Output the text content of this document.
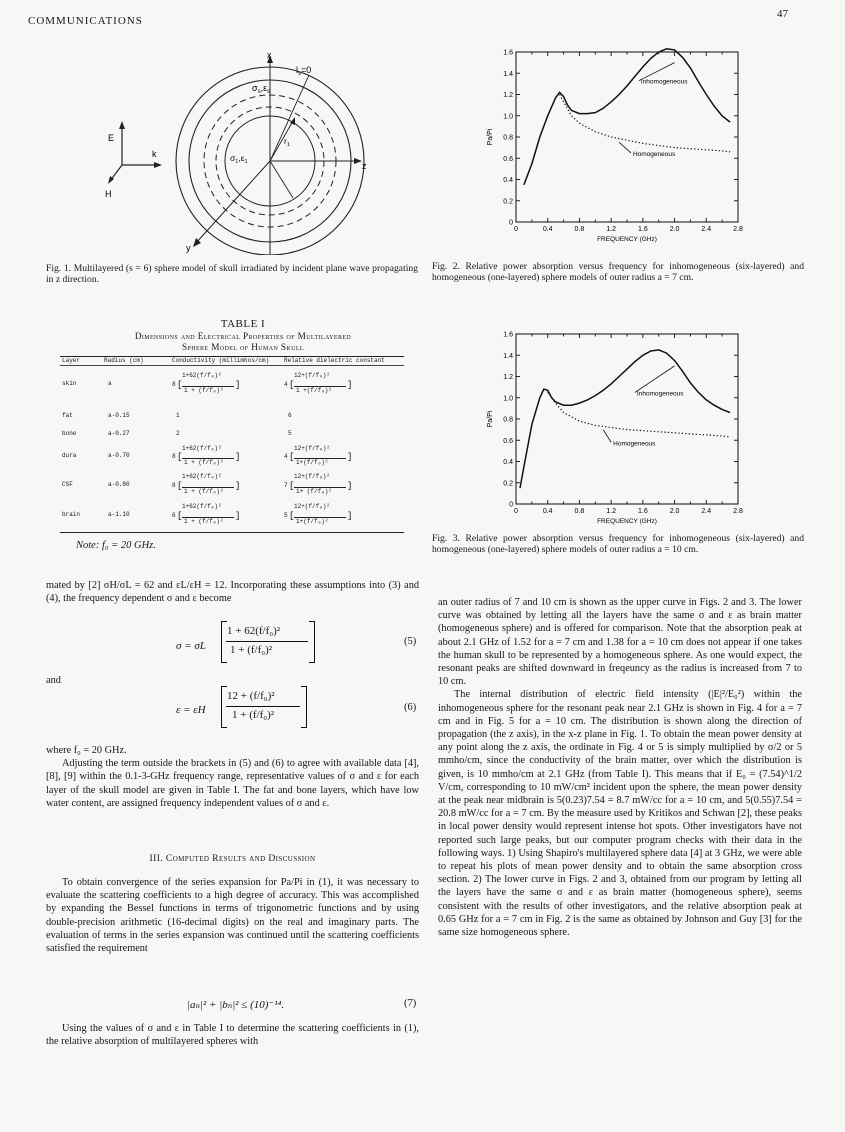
COMMUNICATIONS
47
x
z
y
E
k
H
$l_s=0$
$\sigma_s,\varepsilon_s$
$\sigma_1,\varepsilon_1$
$r_1$
Fig. 1. Multilayered (s = 6) sphere model of skull irradiated by incident plane wave propagating in z direction.
0	0.4	0.8	1.2	1.6	2.0	2.4	2.8
0
0.2
0.4
0.6
0.8
1.0
1.2
1.4
1.6
FREQUENCY (GHz)
Pa/Pi
Inhomogeneous
Homogeneous
Fig. 2. Relative power absorption versus frequency for inhomogeneous (six-layered) and homogeneous (one-layered) sphere models of outer radius a = 7 cm.
TABLE I
Dimensions and Electrical Properties of Multilayered
Sphere Model of Human Skull
Layer	Radius (cm)	Conductivity (millimhos/cm) Relative dielectric constant
skin	a	8 [
1+62(f/f₀)²
1 + (f/f₀)²
]	4 [
12+(f/f₀)²
1 +(f/f₀)²
]
fat	a-0.15	1	6
bone	a-0.27	2	5
dura	a-0.70	8 [
1+62(f/f₀)²
1 + (f/f₀)²
]	4 [
12+(f/f₀)²
1+(f/f₀)²
]
CSF	a-0.80	8 [
1+62(f/f₀)²
1 + (f/f₀)²
]	7 [
12+(f/f₀)²
1+ (f/f₀)²
]
brain	a-1.10	6 [
1+62(f/f₀)²
1 + (f/f₀)²
]	5 [
12+(f/f₀)²
1+(f/f₀)²
]
Note: f₀ = 20 GHz.
0	0.4	0.8	1.2	1.6	2.0	2.4	2.8
0
0.2
0.4
0.6
0.8
1.0
1.2
1.4
1.6
FREQUENCY (GHz)
Pa/Pi
Inhomogeneous
Homogeneous
Fig. 3. Relative power absorption versus frequency for inhomogeneous (six-layered) and homogeneous (one-layered) sphere models of outer radius a = 10 cm.

mated by [2] σH/σL = 62 and εL/εH = 12. Incorporating these assumptions into (3) and (4), the frequency dependent σ and ε become

σ = σL
1 + 62(f/f₀)²
1 + (f/f₀)²
(5)
and
ε = εH
12 + (f/f₀)²
1 + (f/f₀)²
(6)

where f₀ = 20 GHz.

Adjusting the term outside the brackets in (5) and (6) to agree with available data [4], [8], [9] within the 0.1-3-GHz frequency range, representative values of σ and ε for each layer of the skull model are given in Table I. The fat and bone layers, which have low water content, are assigned frequency independent values of σ and ε.

III. Computed Results and Discussion

To obtain convergence of the series expansion for Pa/Pi in (1), it was necessary to evaluate the scattering coefficients to a high degree of accuracy. This was accomplished by expanding the Bessel functions in terms of trigonometric functions and by using double-precision arithmetic (16-decimal digits) on the real and imaginary parts. The evaluation of terms in the series expansion was continued until the scattering coefficients satisfied the requirement

|aₙ|² + |bₙ|² ≤ (10)⁻¹⁴.	(7)

Using the values of σ and ε in Table I to determine the scattering coefficients in (1), the relative absorption of multilayered spheres with

an outer radius of 7 and 10 cm is shown as the upper curve in Figs. 2 and 3. The lower curve was obtained by letting all the layers have the same σ and ε as brain matter (homogeneous sphere) and is offered for comparison. Note that the absorption peak at about 2.1 GHz of 1.52 for a = 7 cm and 1.38 for a = 10 cm does not appear if one takes the human skull to be represented by a homogeneous sphere. As one would expect, the resonant peaks are shifted downward in freqeuncy as the radius is increased from 7 to 10 cm.

The internal distribution of electric field intensity (|E|²/E₀²) within the inhomogeneous sphere for the resonant peak near 2.1 GHz is shown in Fig. 4 for a = 7 cm and in Fig. 5 for a = 10 cm. The distribution is shown along the direction of propagation (the z axis), in the x-z plane in Fig. 1. To obtain the mean power density at any point along the z axis, the ordinate in Fig. 4 or 5 is simply multiplied by σ/2 or 5 mmho/cm, since the conductivity of the brain matter, over which the distribution is given, is 10 mmho/cm at 2.1 GHz (from Table I). This means that if E₀ = (7.54)^1/2 V/cm, corresponding to 10 mW/cm² incident upon the sphere, the mean power density at the peak near midbrain is 5(0.23)7.54 = 8.7 mW/cc for a = 10 cm, and 5(0.55)7.54 = 20.8 mW/cc for a = 7 cm. By the measure used by Kritikos and Schwan [2], these peaks in local power density would represent intense hot spots. Other investigators have not reported such large peaks, but our computer program checks with their data in the following ways. 1) Using Shapiro's multilayered sphere data [4] at 3 GHz, we were able to repeat his plots of mean power density and to obtain the same absorption cross section. 2) The lower curve in Figs. 2 and 3, obtained from our program by letting all the layers have the same σ and ε as brain matter (homogeneous sphere), seems consistent with the results of other investigators, and the relative absorption peak at 0.65 GHz for a = 7 cm in Fig. 2 is the same as obtained by Johnson and Guy [3] for the same size homogeneous sphere.
